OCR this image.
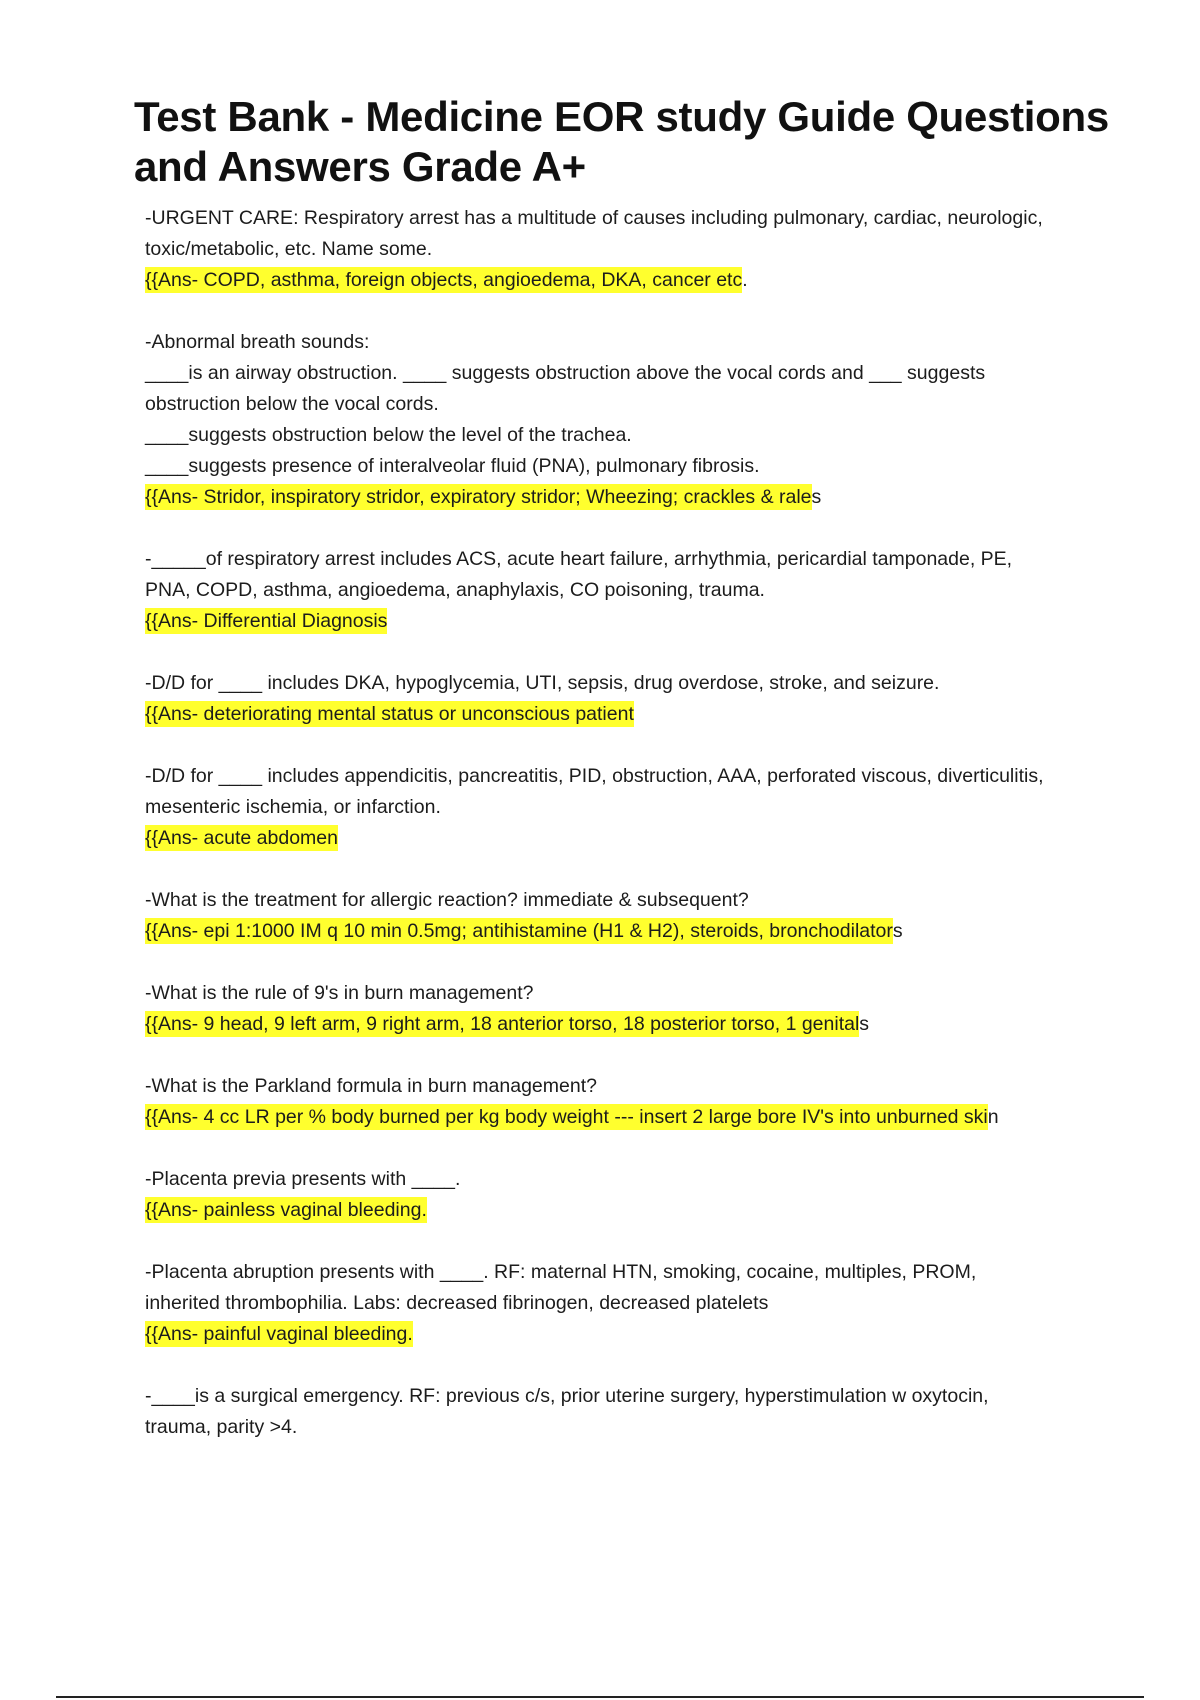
Test Bank - Medicine EOR study Guide Questions and Answers Grade A+
-URGENT CARE: Respiratory arrest has a multitude of causes including pulmonary, cardiac, neurologic,
toxic/metabolic, etc. Name some.
{{Ans- COPD, asthma, foreign objects, angioedema, DKA, cancer etc.
-Abnormal breath sounds:
____is an airway obstruction. ____ suggests obstruction above the vocal cords and ___ suggests
obstruction below the vocal cords.
____suggests obstruction below the level of the trachea.
____suggests presence of interalveolar fluid (PNA), pulmonary fibrosis.
{{Ans- Stridor, inspiratory stridor, expiratory stridor; Wheezing; crackles & rales
-_____of respiratory arrest includes ACS, acute heart failure, arrhythmia, pericardial tamponade, PE,
PNA, COPD, asthma, angioedema, anaphylaxis, CO poisoning, trauma.
{{Ans- Differential Diagnosis
-D/D for ____ includes DKA, hypoglycemia, UTI, sepsis, drug overdose, stroke, and seizure.
{{Ans- deteriorating mental status or unconscious patient
-D/D for ____ includes appendicitis, pancreatitis, PID, obstruction, AAA, perforated viscous, diverticulitis,
mesenteric ischemia, or infarction.
{{Ans- acute abdomen
-What is the treatment for allergic reaction? immediate & subsequent?
{{Ans- epi 1:1000 IM q 10 min 0.5mg; antihistamine (H1 & H2), steroids, bronchodilators
-What is the rule of 9's in burn management?
{{Ans- 9 head, 9 left arm, 9 right arm, 18 anterior torso, 18 posterior torso, 1 genitals
-What is the Parkland formula in burn management?
{{Ans- 4 cc LR per % body burned per kg body weight --- insert 2 large bore IV's into unburned skin
-Placenta previa presents with ____.
{{Ans- painless vaginal bleeding.
-Placenta abruption presents with ____. RF: maternal HTN, smoking, cocaine, multiples, PROM,
inherited thrombophilia. Labs: decreased fibrinogen, decreased platelets
{{Ans- painful vaginal bleeding.
-____is a surgical emergency. RF: previous c/s, prior uterine surgery, hyperstimulation w oxytocin,
trauma, parity >4.
